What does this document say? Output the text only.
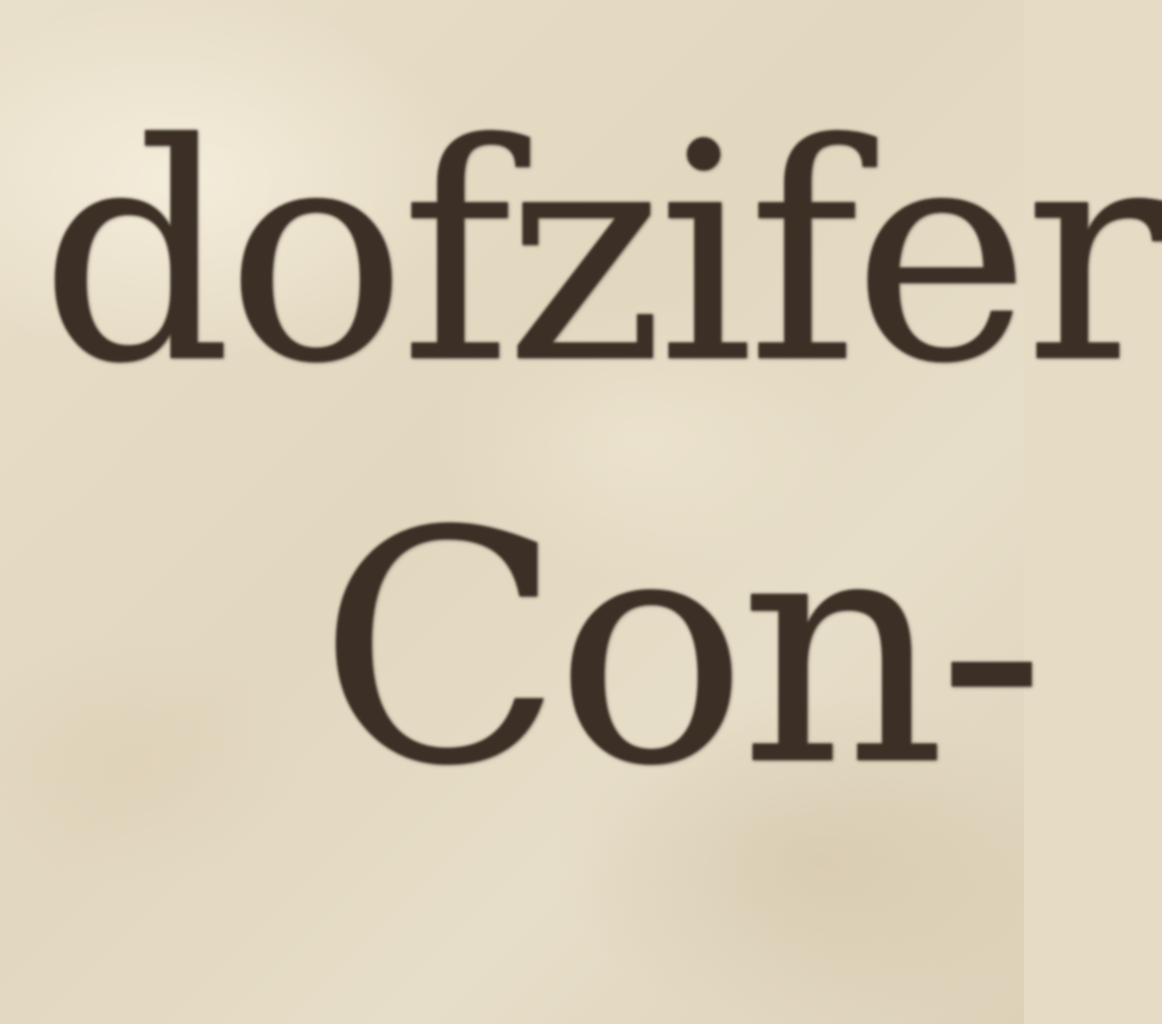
dofzifer

Con-
